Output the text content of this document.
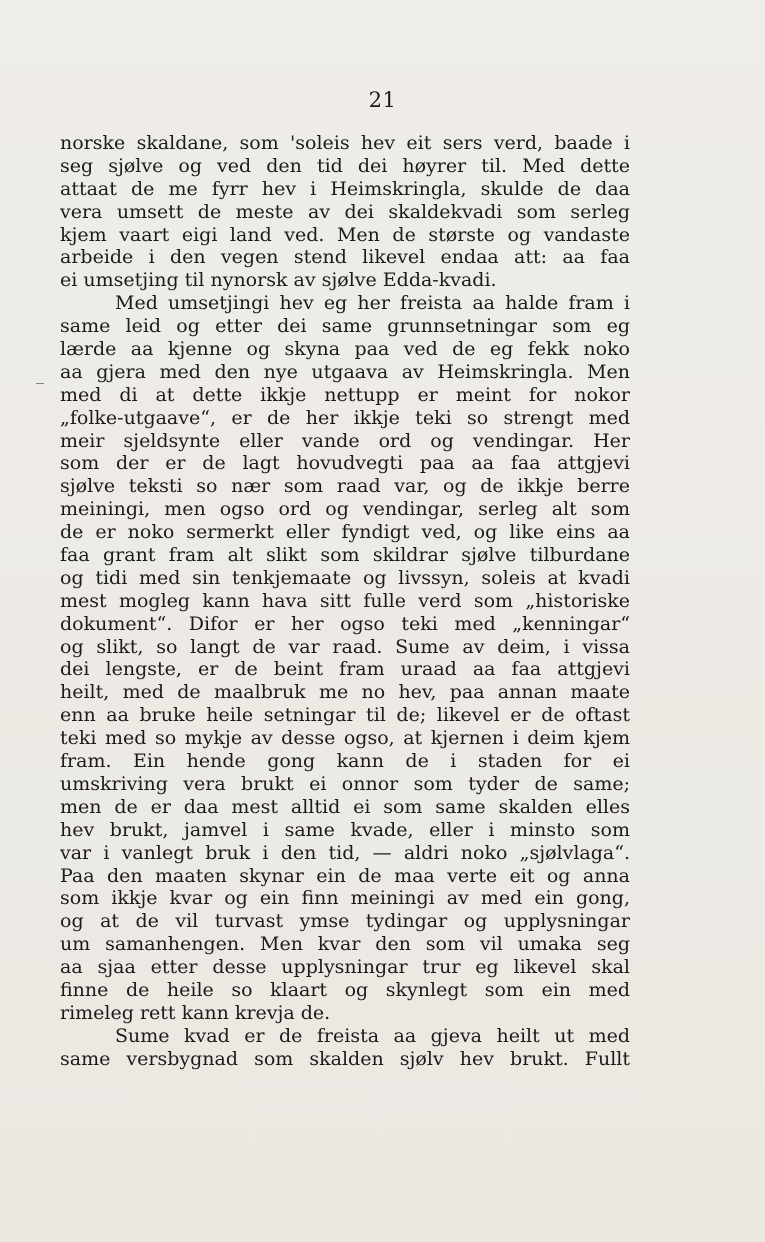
21
norske skaldane, som 'soleis hev eit sers verd, baade i
seg sjølve og ved den tid dei høyrer til. Med dette
attaat de me fyrr hev i Heimskringla, skulde de daa
vera umsett de meste av dei skaldekvadi som serleg
kjem vaart eigi land ved. Men de største og vandaste
arbeide i den vegen stend likevel endaa att: aa faa
ei umsetjing til nynorsk av sjølve Edda-kvadi.
Med umsetjingi hev eg her freista aa halde fram i
same leid og etter dei same grunnsetningar som eg
lærde aa kjenne og skyna paa ved de eg fekk noko
aa gjera med den nye utgaava av Heimskringla. Men
med di at dette ikkje nettupp er meint for nokor
„folke-utgaave“, er de her ikkje teki so strengt med
meir sjeldsynte eller vande ord og vendingar. Her
som der er de lagt hovudvegti paa aa faa attgjevi
sjølve teksti so nær som raad var, og de ikkje berre
meiningi, men ogso ord og vendingar, serleg alt som
de er noko sermerkt eller fyndigt ved, og like eins aa
faa grant fram alt slikt som skildrar sjølve tilburdane
og tidi med sin tenkjemaate og livssyn, soleis at kvadi
mest mogleg kann hava sitt fulle verd som „historiske
dokument“. Difor er her ogso teki med „kenningar“
og slikt, so langt de var raad. Sume av deim, i vissa
dei lengste, er de beint fram uraad aa faa attgjevi
heilt, med de maalbruk me no hev, paa annan maate
enn aa bruke heile setningar til de; likevel er de oftast
teki med so mykje av desse ogso, at kjernen i deim kjem
fram. Ein hende gong kann de i staden for ei
umskriving vera brukt ei onnor som tyder de same;
men de er daa mest alltid ei som same skalden elles
hev brukt, jamvel i same kvade, eller i minsto som
var i vanlegt bruk i den tid, — aldri noko „sjølvlaga“.
Paa den maaten skynar ein de maa verte eit og anna
som ikkje kvar og ein finn meiningi av med ein gong,
og at de vil turvast ymse tydingar og upplysningar
um samanhengen. Men kvar den som vil umaka seg
aa sjaa etter desse upplysningar trur eg likevel skal
finne de heile so klaart og skynlegt som ein med
rimeleg rett kann krevja de.
Sume kvad er de freista aa gjeva heilt ut med
same versbygnad som skalden sjølv hev brukt. Fullt
